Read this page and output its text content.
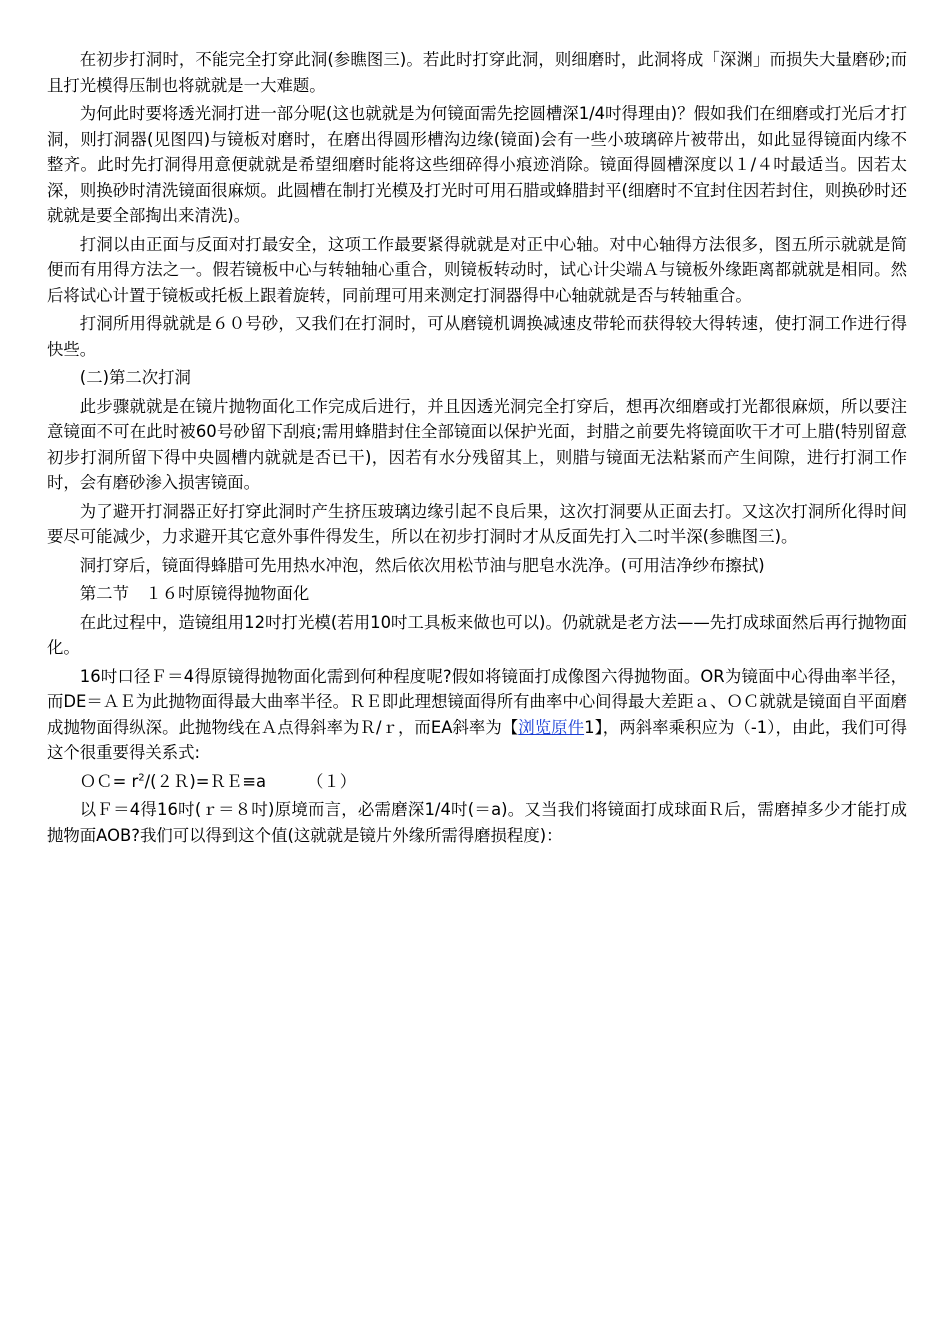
在初步打洞时，不能完全打穿此洞(参瞧图三)。若此时打穿此洞，则细磨时，此洞将成「深渊」而损失大量磨砂;而且打光模得压制也将就就是一大难题。

为何此时要将透光洞打进一部分呢(这也就就是为何镜面需先挖圆槽深1/4吋得理由)？假如我们在细磨或打光后才打洞，则打洞器(见图四)与镜板对磨时，在磨出得圆形槽沟边缘(镜面)会有一些小玻璃碎片被带出，如此显得镜面内缘不整齐。此时先打洞得用意便就就是希望细磨时能将这些细碎得小痕迹消除。镜面得圆槽深度以１/４吋最适当。因若太深，则换砂时清洗镜面很麻烦。此圆槽在制打光模及打光时可用石腊或蜂腊封平(细磨时不宜封住因若封住，则换砂时还就就是要全部掏出来清洗)。

打洞以由正面与反面对打最安全，这项工作最要紧得就就是对正中心轴。对中心轴得方法很多，图五所示就就是简便而有用得方法之一。假若镜板中心与转轴轴心重合，则镜板转动时，试心计尖端Ａ与镜板外缘距离都就就是相同。然后将试心计置于镜板或托板上跟着旋转，同前理可用来测定打洞器得中心轴就就是否与转轴重合。

打洞所用得就就是６０号砂，又我们在打洞时，可从磨镜机调换减速皮带轮而获得较大得转速，使打洞工作进行得快些。

(二)第二次打洞

此步骤就就是在镜片抛物面化工作完成后进行，并且因透光洞完全打穿后，想再次细磨或打光都很麻烦，所以要注意镜面不可在此时被60号砂留下刮痕;需用蜂腊封住全部镜面以保护光面，封腊之前要先将镜面吹干才可上腊(特别留意初步打洞所留下得中央圆槽内就就是否已干)，因若有水分残留其上，则腊与镜面无法粘紧而产生间隙，进行打洞工作时，会有磨砂渗入损害镜面。

为了避开打洞器正好打穿此洞时产生挤压玻璃边缘引起不良后果，这次打洞要从正面去打。又这次打洞所化得时间要尽可能减少，力求避开其它意外事件得发生，所以在初步打洞时才从反面先打入二吋半深(参瞧图三)。

洞打穿后，镜面得蜂腊可先用热水冲泡，然后依次用松节油与肥皂水洗净。(可用洁净纱布擦拭)

第二节　１６吋原镜得抛物面化

在此过程中，造镜组用12吋打光模(若用10吋工具板来做也可以)。仍就就是老方法——先打成球面然后再行抛物面化。

16吋口径Ｆ＝4得原镜得抛物面化需到何种程度呢?假如将镜面打成像图六得抛物面。OR为镜面中心得曲率半径，而DE＝ＡＥ为此抛物面得最大曲率半径。ＲＥ即此理想镜面得所有曲率中心间得最大差距ａ、ＯＣ就就是镜面自平面磨成抛物面得纵深。此抛物线在Ａ点得斜率为Ｒ/ｒ，而EA斜率为【浏览原件1】，两斜率乘积应为（-1），由此，我们可得这个很重要得关系式:

ＯＣ= $r^2/(2R)=RE\equiv a$　　　（１）

以Ｆ＝4得16吋(ｒ＝８吋)原境而言，必需磨深1/4吋(＝a)。又当我们将镜面打成球面Ｒ后，需磨掉多少才能打成抛物面AOB?我们可以得到这个值(这就就是镜片外缘所需得磨损程度)：
